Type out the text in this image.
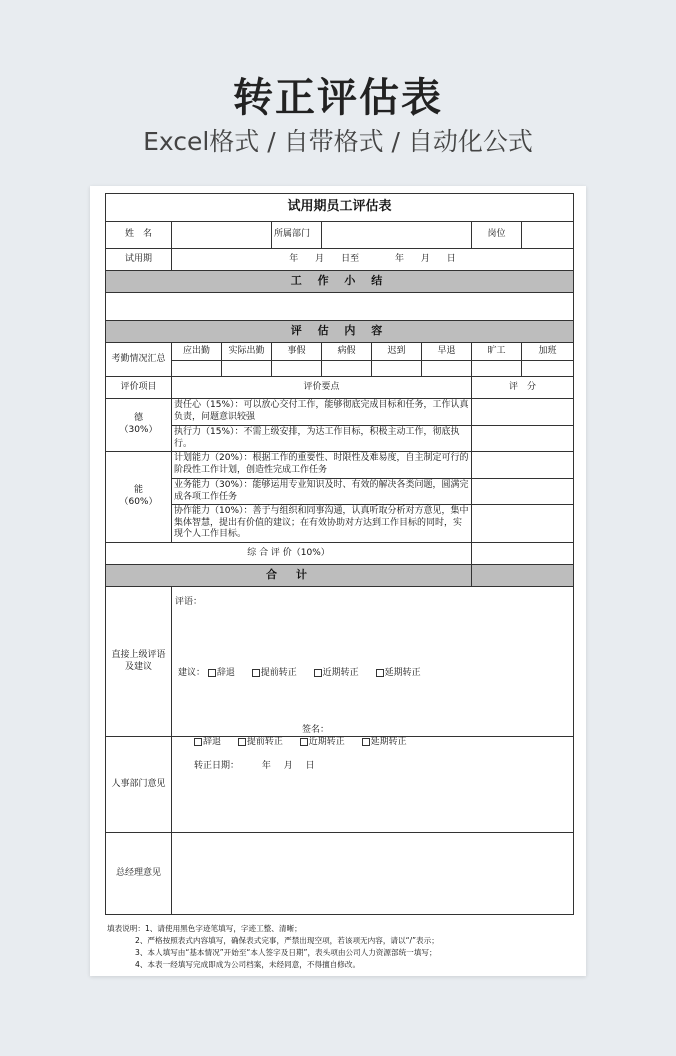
转正评估表
Excel格式 / 自带格式 / 自动化公式
试用期员工评估表								
姓　名			所属部门				岗位	
试用期	年 月 日至 年 月 日							
工 作 小 结								

评 估 内 容								
考勤情况汇总	应出勤	实际出勤	事假	病假	迟到	早退	旷工	加班

评价项目	评价要点						评　分	

德
（30%）	责任心（15%）：可以放心交付工作，能够彻底完成目标和任务，工作认真负责，问题意识较强							
	执行力（15%）：不需上级安排，为达工作目标，积极主动工作，彻底执行。							

能
（60%）	计划能力（20%）：根据工作的重要性、时限性及难易度，自主制定可行的阶段性工作计划，创造性完成工作任务							
	业务能力（30%）：能够运用专业知识及时、有效的解决各类问题，圆满完成各项工作任务							
	协作能力（10%）：善于与组织和同事沟通，认真听取分析对方意见，集中集体智慧，提出有价值的建议；在有效协助对方达到工作目标的同时，实现个人工作目标。							
综 合 评 价（10%）								
合　计								
直接上级评语及建议	评语：
建议： 辞退 提前转正 近期转正 延期转正
签名：							

人事部门意见	辞退 提前转正 近期转正 延期转正
转正日期： 年 月 日							

总经理意见								
填表说明：1、请使用黑色字迹笔填写，字迹工整、清晰；
2、严格按照表式内容填写，确保表式完事，严禁出现空项，若该项无内容，请以“/”表示；
3、本人填写由“基本情况”开始至“本人签字及日期”，表头项由公司人力资源部统一填写；
4、本表一经填写完成即成为公司档案，未经同意，不得擅自修改。
